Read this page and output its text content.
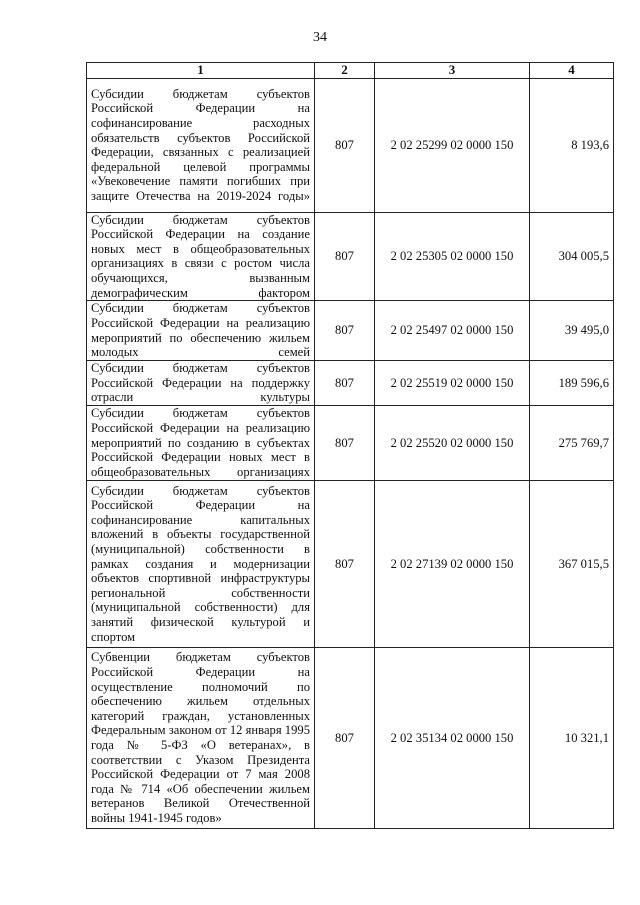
34
1	2	3	4
Субсидии бюджетам субъектов Российской Федерации на софинансирование расходных обязательств субъектов Российской Федерации, связанных с реализацией федеральной целевой программы «Увековечение памяти погибших при защите Отечества на 2019-2024 годы»	807	2 02 25299 02 0000 150	8 193,6
Субсидии бюджетам субъектов Российской Федерации на создание новых мест в общеобразовательных организациях в связи с ростом числа обучающихся, вызванным демографическим фактором	807	2 02 25305 02 0000 150	304 005,5
Субсидии бюджетам субъектов Российской Федерации на реализацию мероприятий по обеспечению жильем молодых семей	807	2 02 25497 02 0000 150	39 495,0
Субсидии бюджетам субъектов Российской Федерации на поддержку отрасли культуры	807	2 02 25519 02 0000 150	189 596,6
Субсидии бюджетам субъектов Российской Федерации на реализацию мероприятий по созданию в субъектах Российской Федерации новых мест в общеобразовательных организациях	807	2 02 25520 02 0000 150	275 769,7
Субсидии бюджетам субъектов Российской Федерации на софинансирование капитальных вложений в объекты государственной (муниципальной) собственности в рамках создания и модернизации объектов спортивной инфраструктуры региональной собственности (муниципальной собственности) для занятий физической культурой и спортом	807	2 02 27139 02 0000 150	367 015,5
Субвенции бюджетам субъектов Российской Федерации на осуществление полномочий по обеспечению жильем отдельных категорий граждан, установленных Федеральным законом от 12 января 1995 года № 5-ФЗ «О ветеранах», в соответствии с Указом Президента Российской Федерации от 7 мая 2008 года № 714 «Об обеспечении жильем ветеранов Великой Отечественной войны 1941-1945 годов»	807	2 02 35134 02 0000 150	10 321,1
